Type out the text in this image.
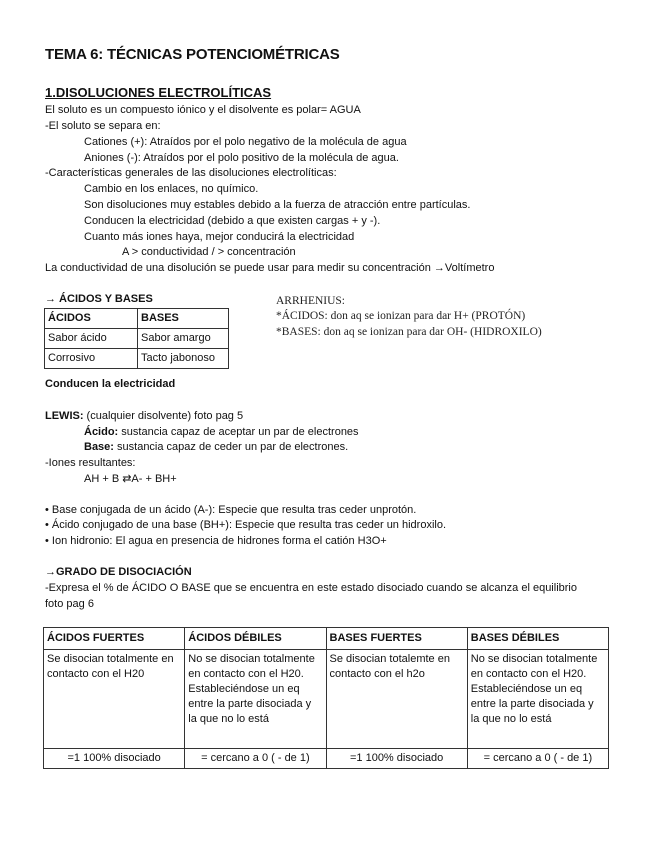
TEMA 6: TÉCNICAS POTENCIOMÉTRICAS
1.DISOLUCIONES ELECTROLÍTICAS
El soluto es un compuesto iónico y el disolvente es polar= AGUA
-El soluto se separa en:
Cationes (+): Atraídos por el polo negativo de la molécula de agua
Aniones (-): Atraídos por el polo positivo de la molécula de agua.
-Características generales de las disoluciones electrolíticas:
Cambio en los enlaces, no químico.
Son disoluciones muy estables debido a la fuerza de atracción entre partículas.
Conducen la electricidad (debido a que existen cargas + y -).
Cuanto más iones haya, mejor conducirá la electricidad
A > conductividad / > concentración
La conductividad de una disolución se puede usar para medir su concentración →Voltímetro
→ ÁCIDOS Y BASES
ÁCIDOS	BASES
Sabor ácido	Sabor amargo
Corrosivo	Tacto jabonoso
Conducen la electricidad
ARRHENIUS:
*ÁCIDOS: don aq se ionizan para dar H+ (PROTÓN)
*BASES: don aq se ionizan para dar OH- (HIDROXILO)
LEWIS: (cualquier disolvente) foto pag 5
Ácido: sustancia capaz de aceptar un par de electrones
Base: sustancia capaz de ceder un par de electrones.
-Iones resultantes:
AH + B ⇄A- + BH+
• Base conjugada de un ácido (A-): Especie que resulta tras ceder unprotón.
• Ácido conjugado de una base (BH+): Especie que resulta tras ceder un hidroxilo.
• Ion hidronio: El agua en presencia de hidrones forma el catión H3O+
→GRADO DE DISOCIACIÓN
-Expresa el % de ÁCIDO O BASE que se encuentra en este estado disociado cuando se alcanza el equilibrio
foto pag 6
ÁCIDOS FUERTES	ÁCIDOS DÉBILES	BASES FUERTES	BASES DÉBILES
Se disocian totalmente en contacto con el H20	No se disocian totalmente en contacto con el H20. Estableciéndose un eq entre la parte disociada y la que no lo está	Se disocian totalemte en contacto con el h2o	No se disocian totalmente en contacto con el H20. Estableciéndose un eq entre la parte disociada y la que no lo está
=1 100% disociado	= cercano a 0 ( - de 1)	=1 100% disociado	= cercano a 0 ( - de 1)
